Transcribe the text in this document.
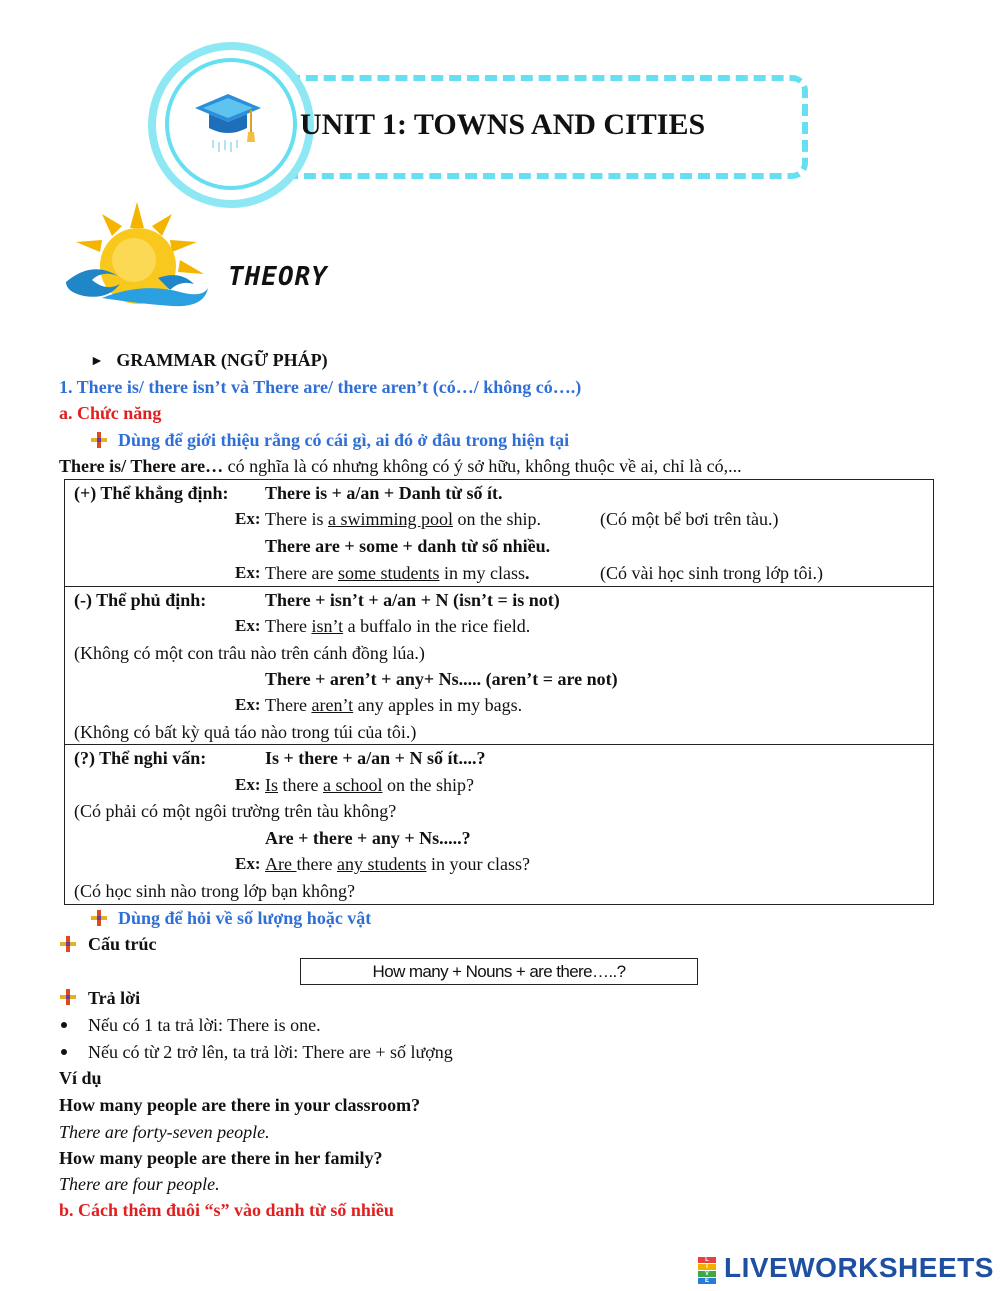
UNIT 1: TOWNS AND CITIES
THEORY
► GRAMMAR (NGỮ PHÁP)
1. There is/ there isn’t và There are/ there aren’t (có…/ không có….)
a. Chức năng
Dùng để giới thiệu rằng có cái gì, ai đó ở đâu trong hiện tại
There is/ There are… có nghĩa là có nhưng không có ý sở hữu, không thuộc về ai, chỉ là có,...
(+) Thể khẳng định: There is + a/an + Danh từ số ít.
Ex: There is a swimming pool on the ship.	(Có một bể bơi trên tàu.)
There are + some + danh từ số nhiều.
Ex: There are some students in my class.	(Có vài học sinh trong lớp tôi.)
(-) Thể phủ định:	There + isn’t + a/an + N (isn’t = is not)
Ex: There isn’t a buffalo in the rice field.
(Không có một con trâu nào trên cánh đồng lúa.)
There + aren’t + any+ Ns..... (aren’t = are not)
Ex: There aren’t any apples in my bags.
(Không có bất kỳ quả táo nào trong túi của tôi.)
(?) Thể nghi vấn:	Is + there + a/an + N số ít....?
Ex: Is there a school on the ship?
(Có phải có một ngôi trường trên tàu không?
Are + there + any + Ns.....?
Ex: Are there any students in your class?
(Có học sinh nào trong lớp bạn không?
Dùng để hỏi về số lượng hoặc vật
Cấu trúc
How many + Nouns + are there…..?
Trả lời
Nếu có 1 ta trả lời: There is one.
Nếu có từ 2 trở lên, ta trả lời: There are + số lượng
Ví dụ
How many people are there in your classroom?
There are forty-seven people.
How many people are there in her family?
There are four people.
b. Cách thêm đuôi “s” vào danh từ số nhiều
L
I
V
E LIVEWORKSHEETS
